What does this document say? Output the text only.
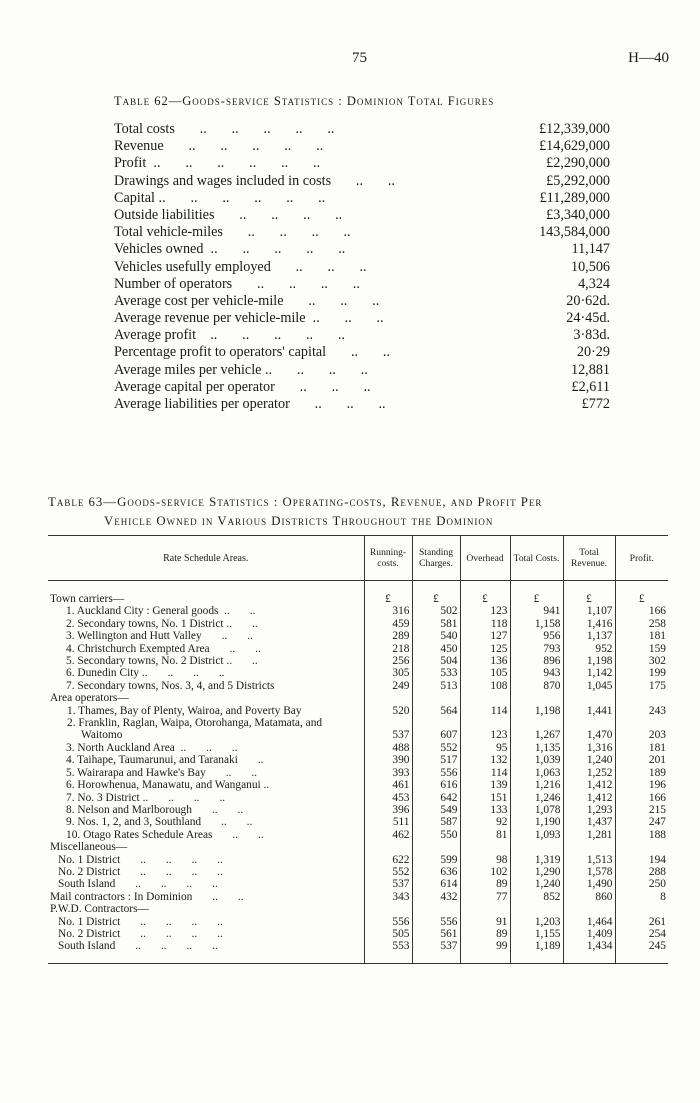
75	H—40
Table 62—Goods-service Statistics : Dominion Total Figures
Total costs       ..       ..       ..       ..       ..	£12,339,000
Revenue       ..       ..       ..       ..       ..	£14,629,000
Profit  ..       ..       ..       ..       ..       ..	£2,290,000
Drawings and wages included in costs       ..       ..	£5,292,000
Capital ..       ..       ..       ..       ..       ..	£11,289,000
Outside liabilities       ..       ..       ..       ..	£3,340,000
Total vehicle-miles       ..       ..       ..       ..	143,584,000
Vehicles owned  ..       ..       ..       ..       ..	11,147
Vehicles usefully employed       ..       ..       ..	10,506
Number of operators       ..       ..       ..       ..	4,324
Average cost per vehicle-mile       ..       ..       ..	20·62d.
Average revenue per vehicle-mile  ..       ..       ..	24·45d.
Average profit    ..       ..       ..       ..       ..	3·83d.
Percentage profit to operators' capital       ..       ..	20·29
Average miles per vehicle ..       ..       ..       ..	12,881
Average capital per operator       ..       ..       ..	£2,611
Average liabilities per operator       ..       ..       ..	£772
Table 63—Goods-service Statistics : Operating-costs, Revenue, and Profit Per
Vehicle Owned in Various Districts Throughout the Dominion
Rate Schedule Areas.	Running-costs.	Standing Charges.	Overhead	Total Costs.	Total Revenue.	Profit.

Town carriers—	£	£	£	£	£	£
1. Auckland City : General goods  ..       ..	316	502	123	941	1,107	166
2. Secondary towns, No. 1 District ..       ..	459	581	118	1,158	1,416	258
3. Wellington and Hutt Valley       ..       ..	289	540	127	956	1,137	181
4. Christchurch Exempted Area       ..       ..	218	450	125	793	952	159
5. Secondary towns, No. 2 District ..       ..	256	504	136	896	1,198	302
6. Dunedin City ..       ..       ..       ..	305	533	105	943	1,142	199
7. Secondary towns, Nos. 3, 4, and 5 Districts	249	513	108	870	1,045	175
Area operators—						
1. Thames, Bay of Plenty, Wairoa, and Poverty Bay	520	564	114	1,198	1,441	243
2. Franklin, Raglan, Waipa, Otorohanga, Matamata, and Waitomo	537	607	123	1,267	1,470	203
3. North Auckland Area  ..       ..       ..	488	552	95	1,135	1,316	181
4. Taihape, Taumarunui, and Taranaki       ..	390	517	132	1,039	1,240	201
5. Wairarapa and Hawke's Bay       ..       ..	393	556	114	1,063	1,252	189
6. Horowhenua, Manawatu, and Wanganui ..	461	616	139	1,216	1,412	196
7. No. 3 District ..       ..       ..       ..	453	642	151	1,246	1,412	166
8. Nelson and Marlborough       ..       ..	396	549	133	1,078	1,293	215
9. Nos. 1, 2, and 3, Southland       ..       ..	511	587	92	1,190	1,437	247
10. Otago Rates Schedule Areas       ..       ..	462	550	81	1,093	1,281	188
Miscellaneous—						
No. 1 District       ..       ..       ..       ..	622	599	98	1,319	1,513	194
No. 2 District       ..       ..       ..       ..	552	636	102	1,290	1,578	288
South Island       ..       ..       ..       ..	537	614	89	1,240	1,490	250
Mail contractors : In Dominion       ..       ..	343	432	77	852	860	8
P.W.D. Contractors—						
No. 1 District       ..       ..       ..       ..	556	556	91	1,203	1,464	261
No. 2 District       ..       ..       ..       ..	505	561	89	1,155	1,409	254
South Island       ..       ..       ..       ..	553	537	99	1,189	1,434	245
